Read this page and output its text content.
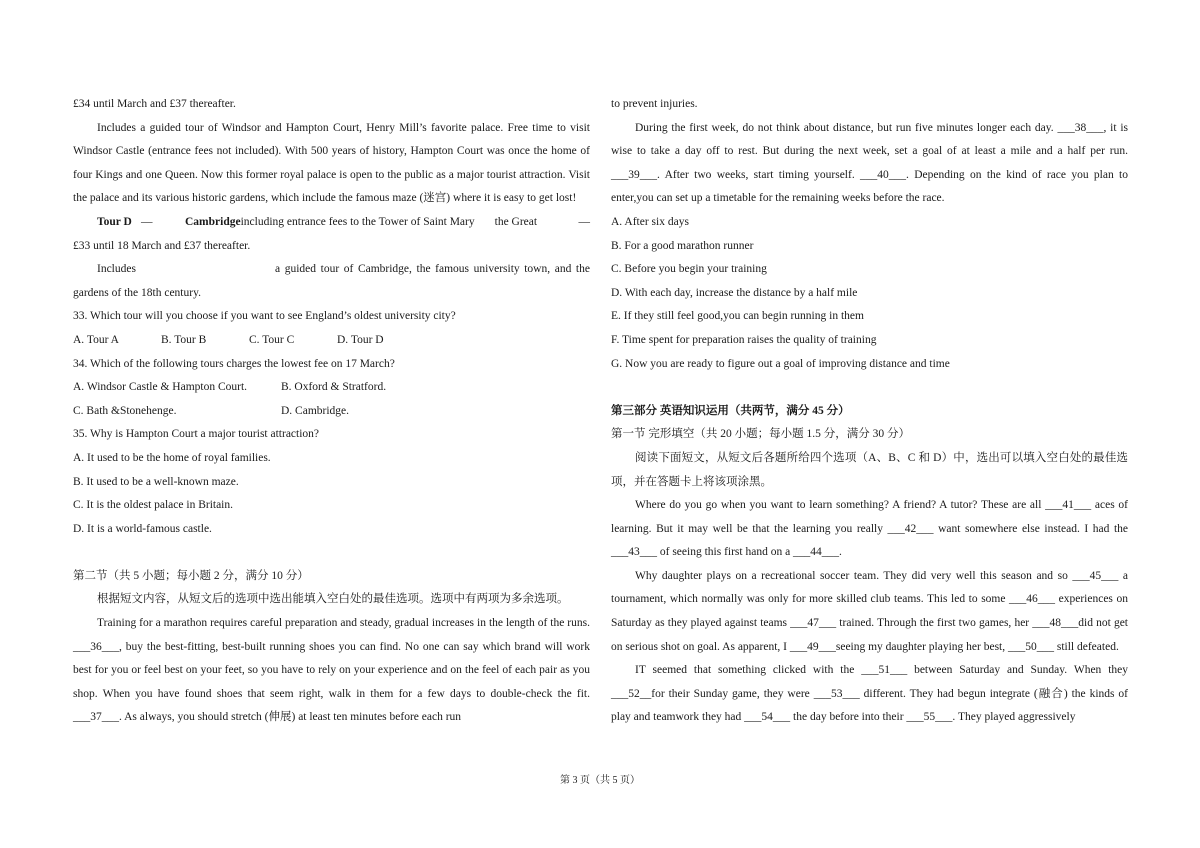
£34 until March and £37 thereafter.

Includes a guided tour of Windsor and Hampton Court, Henry Mill’s favorite palace. Free time to visit Windsor Castle (entrance fees not included). With 500 years of history, Hampton Court was once the home of four Kings and one Queen. Now this former royal palace is open to the public as a major tourist attraction. Visit the palace and its various historic gardens, which include the famous maze (迷宫) where it is easy to get lost!

Tour D —	Cambridge including entrance fees to the Tower of Saint Mary the Great	—

£33 until 18 March and £37 thereafter.

Includes	a guided tour of Cambridge, the famous university town, and the

gardens of the 18th century.

33. Which tour will you choose if you want to see England’s oldest university city?

A. Tour A	B. Tour B	C. Tour C	D. Tour D

34. Which of the following tours charges the lowest fee on 17 March?

A. Windsor Castle & Hampton Court.	B. Oxford & Stratford.
C. Bath &Stonehenge.	D. Cambridge.

35. Why is Hampton Court a major tourist attraction?

A. It used to be the home of royal families.

B. It used to be a well-known maze.

C. It is the oldest palace in Britain.

D. It is a world-famous castle.

第二节（共 5 小题；每小题 2 分，满分 10 分）

根据短文内容，从短文后的选项中选出能填入空白处的最佳选项。选项中有两项为多余选项。

Training for a marathon requires careful preparation and steady, gradual increases in the length of the runs. ___36___, buy the best-fitting, best-built running shoes you can find. No one can say which brand will work best for you or feel best on your feet, so you have to rely on your experience and on the feel of each pair as you shop. When you have found shoes that seem right, walk in them for a few days to double-check the fit. ___37___. As always, you should stretch (伸展) at least ten minutes before each run

to prevent injuries.

During the first week, do not think about distance, but run five minutes longer each day. ___38___, it is wise to take a day off to rest. But during the next week, set a goal of at least a mile and a half per run. ___39___. After two weeks, start timing yourself. ___40___. Depending on the kind of race you plan to enter,you can set up a timetable for the remaining weeks before the race.

A. After six days

B. For a good marathon runner

C. Before you begin your training

D. With each day, increase the distance by a half mile

E. If they still feel good,you can begin running in them

F. Time spent for preparation raises the quality of training

G. Now you are ready to figure out a goal of improving distance and time

第三部分 英语知识运用（共两节，满分 45 分）

第一节 完形填空（共 20 小题；每小题 1.5 分，满分 30 分）

阅读下面短文，从短文后各题所给四个选项（A、B、C 和 D）中，选出可以填入空白处的最佳选项，并在答题卡上将该项涂黑。

Where do you go when you want to learn something? A friend? A tutor? These are all ___41___ aces of learning. But it may well be that the learning you really ___42___ want somewhere else instead. I had the ___43___ of seeing this first hand on a ___44___.

Why daughter plays on a recreational soccer team. They did very well this season and so ___45___ a tournament, which normally was only for more skilled club teams. This led to some ___46___ experiences on Saturday as they played against teams ___47___ trained. Through the first two games, her ___48___did not get on serious shot on goal. As apparent, I ___49___seeing my daughter playing her best, ___50___ still defeated.

IT seemed that something clicked with the ___51___ between Saturday and Sunday. When they ___52__for their Sunday game, they were ___53___ different. They had begun integrate (融合) the kinds of play and teamwork they had ___54___ the day before into their ___55___. They played aggressively

第 3 页（共 5 页）
